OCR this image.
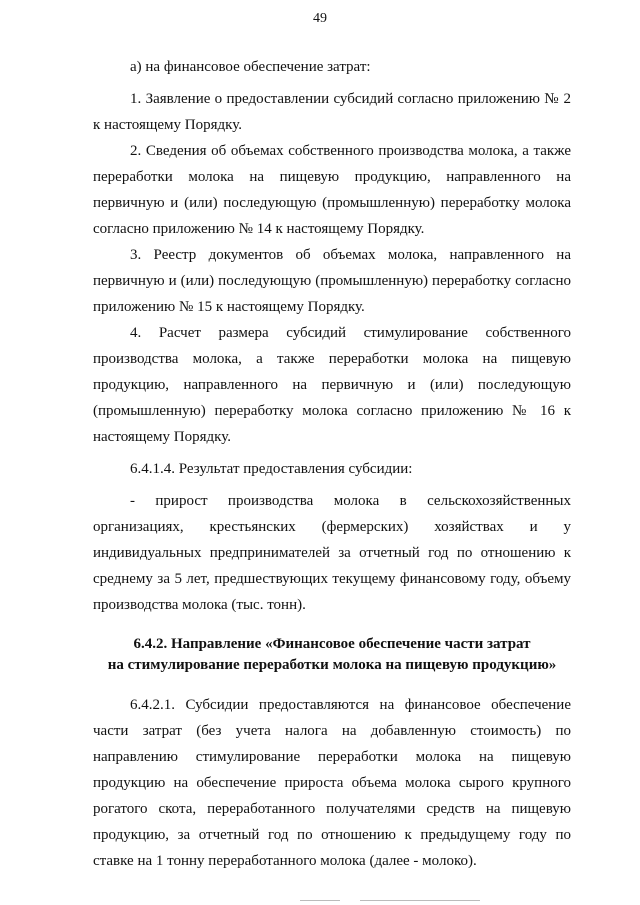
49

а) на финансовое обеспечение затрат:

1. Заявление о предоставлении субсидий согласно приложению № 2 к настоящему Порядку.

2. Сведения об объемах собственного производства молока, а также переработки молока на пищевую продукцию, направленного на первичную и (или) последующую (промышленную) переработку молока согласно приложению № 14 к настоящему Порядку.

3. Реестр документов об объемах молока, направленного на первичную и (или) последующую (промышленную) переработку согласно приложению № 15 к настоящему Порядку.

4. Расчет размера субсидий стимулирование собственного производства молока, а также переработки молока на пищевую продукцию, направленного на первичную и (или) последующую (промышленную) переработку молока согласно приложению № 16 к настоящему Порядку.

6.4.1.4. Результат предоставления субсидии:

- прирост производства молока в сельскохозяйственных организациях, крестьянских (фермерских) хозяйствах и у индивидуальных предпринимателей за отчетный год по отношению к среднему за 5 лет, предшествующих текущему финансовому году, объему производства молока (тыс. тонн).

6.4.2. Направление «Финансовое обеспечение части затрат
на стимулирование переработки молока на пищевую продукцию»

6.4.2.1. Субсидии предоставляются на финансовое обеспечение части затрат (без учета налога на добавленную стоимость) по направлению стимулирование переработки молока на пищевую продукцию на обеспечение прироста объема молока сырого крупного рогатого скота, переработанного получателями средств на пищевую продукцию, за отчетный год по отношению к предыдущему году по ставке на 1 тонну переработанного молока (далее - молоко).
